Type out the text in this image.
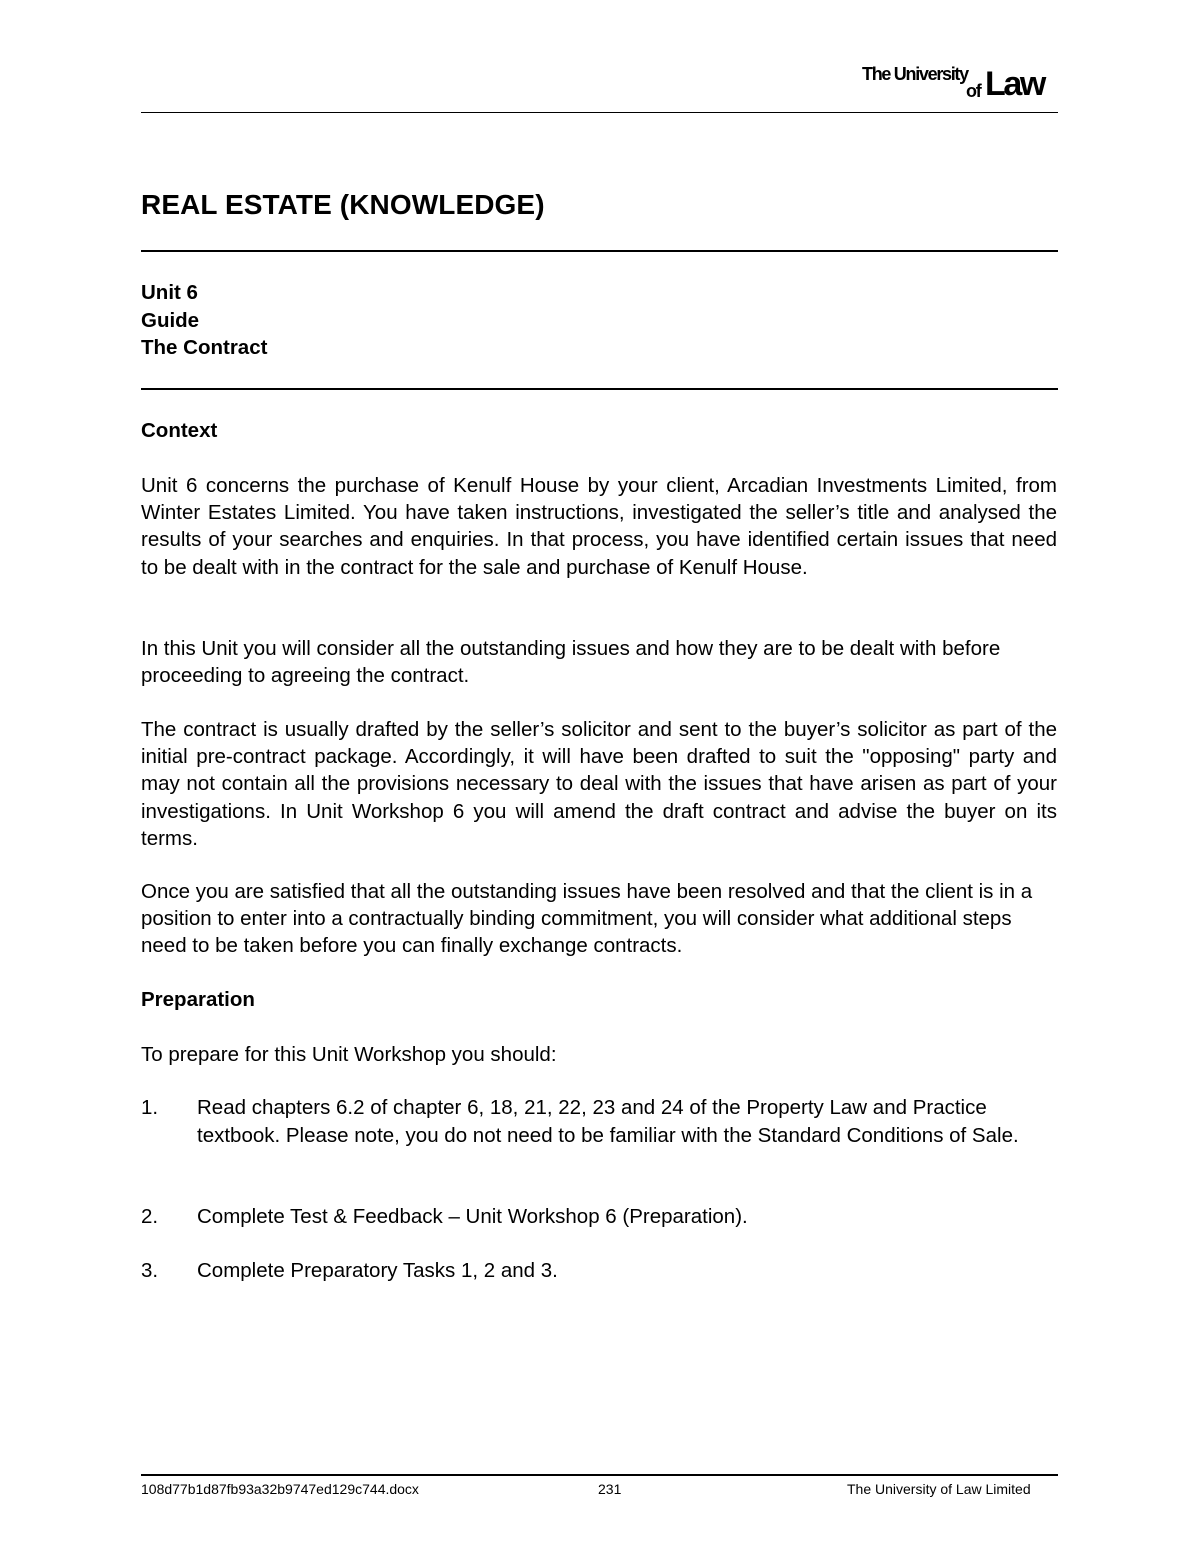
The University
of Law
REAL ESTATE (KNOWLEDGE)
Unit 6
Guide
The Contract
Context
Unit 6 concerns the purchase of Kenulf House by your client, Arcadian Investments Limited, from Winter Estates Limited. You have taken instructions, investigated the seller’s title and analysed the results of your searches and enquiries. In that process, you have identified certain issues that need to be dealt with in the contract for the sale and purchase of Kenulf House.
In this Unit you will consider all the outstanding issues and how they are to be dealt with before proceeding to agreeing the contract.
The contract is usually drafted by the seller’s solicitor and sent to the buyer’s solicitor as part of the initial pre-contract package. Accordingly, it will have been drafted to suit the "opposing" party and may not contain all the provisions necessary to deal with the issues that have arisen as part of your investigations. In Unit Workshop 6 you will amend the draft contract and advise the buyer on its terms.
Once you are satisfied that all the outstanding issues have been resolved and that the client is in a position to enter into a contractually binding commitment, you will consider what additional steps need to be taken before you can finally exchange contracts.
Preparation
To prepare for this Unit Workshop you should:
1. Read chapters 6.2 of chapter 6, 18, 21, 22, 23 and 24 of the Property Law and Practice textbook. Please note, you do not need to be familiar with the Standard Conditions of Sale.
2. Complete Test & Feedback – Unit Workshop 6 (Preparation).
3. Complete Preparatory Tasks 1, 2 and 3.
108d77b1d87fb93a32b9747ed129c744.docx	231	The University of Law Limited
